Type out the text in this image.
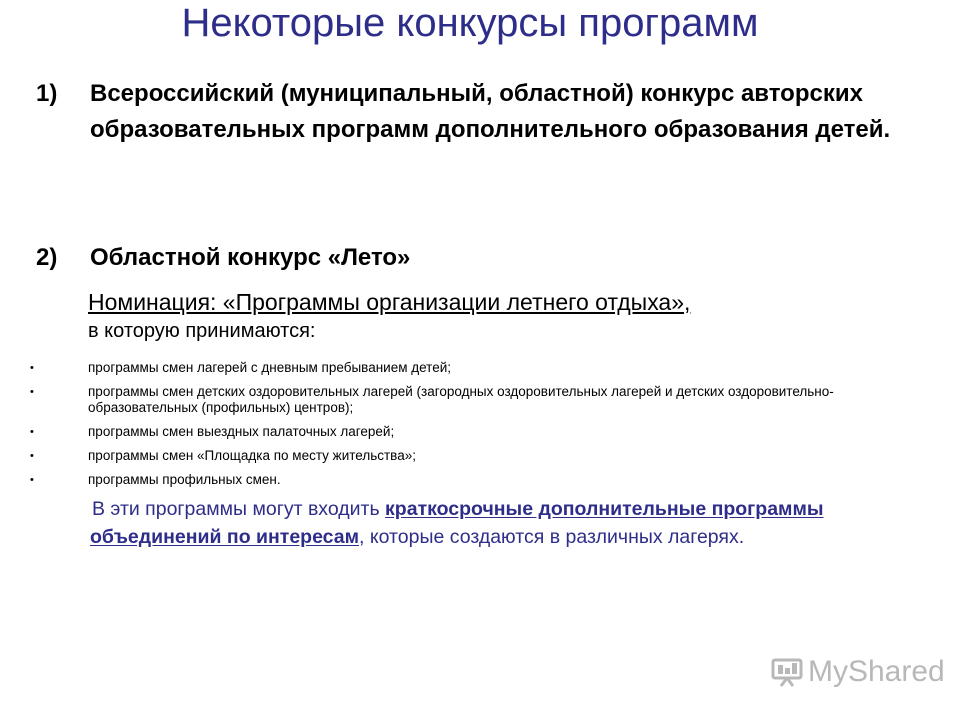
Некоторые конкурсы программ
1)	Всероссийский (муниципальный, областной) конкурс авторских образовательных программ дополнительного образования детей.
2)	Областной конкурс «Лето»
Номинация: «Программы организации летнего отдыха»,
в которую принимаются:
•	программы смен лагерей с дневным пребыванием детей;
•	программы смен детских оздоровительных лагерей (загородных оздоровительных лагерей и детских оздоровительно-образовательных (профильных) центров);
•	программы смен выездных палаточных лагерей;
•	программы смен «Площадка по месту жительства»;
•	программы профильных смен.
В эти программы могут входить краткосрочные дополнительные программы объединений по интересам, которые создаются в различных лагерях.
MyShared
